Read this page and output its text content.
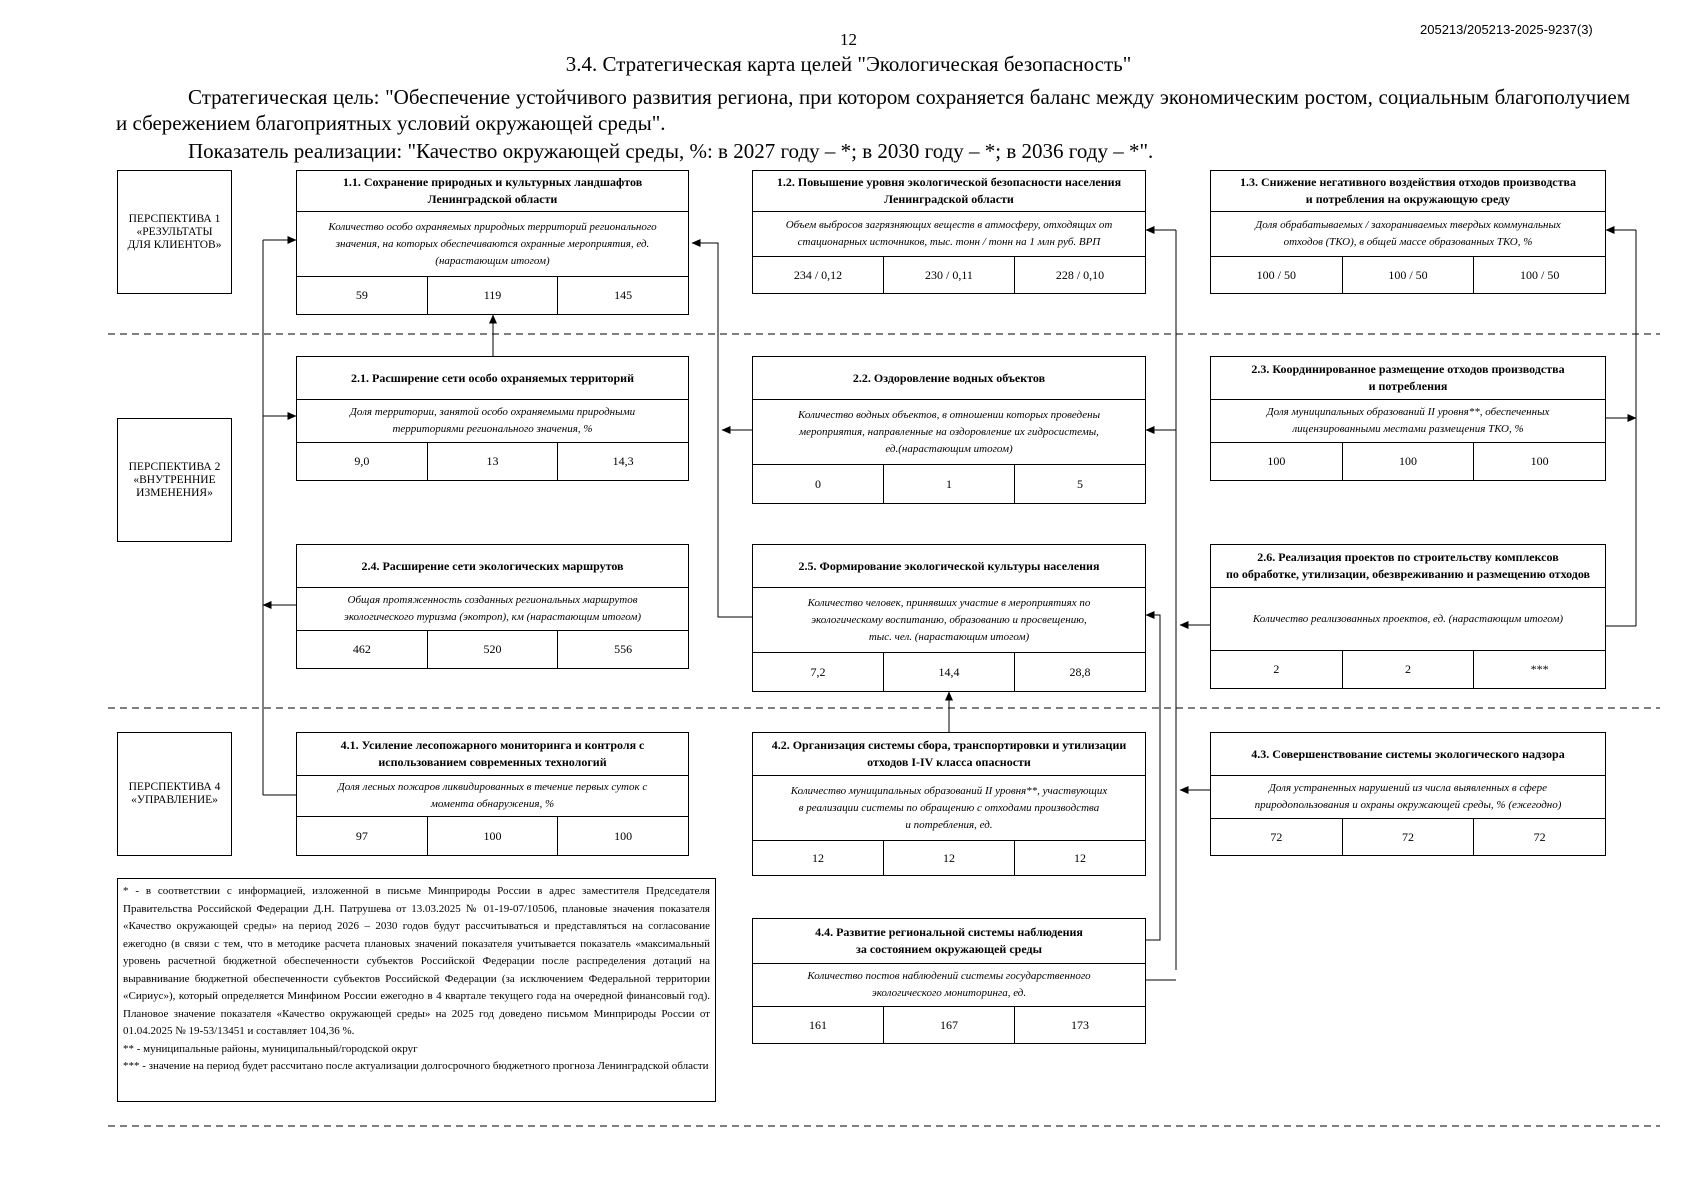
205213/205213-2025-9237(3)
12
3.4. Стратегическая карта целей "Экологическая безопасность"
Стратегическая цель: "Обеспечение устойчивого развития региона, при котором сохраняется баланс между экономическим ростом, социальным благополучием и сбережением благоприятных условий окружающей среды".
Показатель реализации: "Качество окружающей среды, %: в 2027 году – *; в 2030 году – *; в 2036 году – *".
ПЕРСПЕКТИВА 1
«РЕЗУЛЬТАТЫ
ДЛЯ КЛИЕНТОВ»
ПЕРСПЕКТИВА 2
«ВНУТРЕННИЕ
ИЗМЕНЕНИЯ»
ПЕРСПЕКТИВА 4
«УПРАВЛЕНИЕ»
1.1. Сохранение природных и культурных ландшафтов
Ленинградской области
Количество особо охраняемых природных территорий регионального
значения, на которых обеспечиваются охранные мероприятия, ед.
(нарастающим итогом)
59	119	145
1.2. Повышение уровня экологической безопасности населения
Ленинградской области
Объем выбросов загрязняющих веществ в атмосферу, отходящих от
стационарных источников, тыс. тонн / тонн на 1 млн руб. ВРП
234 / 0,12	230 / 0,11	228 / 0,10
1.3. Снижение негативного воздействия отходов производства
и потребления на окружающую среду
Доля обрабатываемых / захораниваемых твердых коммунальных
отходов (ТКО), в общей массе образованных ТКО, %
100 / 50	100 / 50	100 / 50
2.1. Расширение сети особо охраняемых территорий
Доля территории, занятой особо охраняемыми природными
территориями регионального значения, %
9,0	13	14,3
2.2. Оздоровление водных объектов
Количество водных объектов, в отношении которых проведены
мероприятия, направленные на оздоровление их гидросистемы,
ед.(нарастающим итогом)
0	1	5
2.3. Координированное размещение отходов производства
и потребления
Доля муниципальных образований II уровня**, обеспеченных
лицензированными местами размещения ТКО, %
100	100	100
2.4. Расширение сети экологических маршрутов
Общая протяженность созданных региональных маршрутов
экологического туризма (экотроп), км (нарастающим итогом)
462	520	556
2.5. Формирование экологической культуры населения
Количество человек, принявших участие в мероприятиях по
экологическому воспитанию, образованию и просвещению,
тыс. чел. (нарастающим итогом)
7,2	14,4	28,8
2.6. Реализация проектов по строительству комплексов
по обработке, утилизации, обезвреживанию и размещению отходов
Количество реализованных проектов, ед. (нарастающим итогом)
2	2	***
4.1. Усиление лесопожарного мониторинга и контроля с
использованием современных технологий
Доля лесных пожаров ликвидированных в течение первых суток с
момента обнаружения, %
97	100	100
4.2. Организация системы сбора, транспортировки и утилизации
отходов I-IV класса опасности
Количество муниципальных образований II уровня**, участвующих
в реализации системы по обращению с отходами производства
и потребления, ед.
12	12	12
4.3. Совершенствование системы экологического надзора
Доля устраненных нарушений из числа выявленных в сфере
природопользования и охраны окружающей среды, % (ежегодно)
72	72	72
4.4. Развитие региональной системы наблюдения
за состоянием окружающей среды
Количество постов наблюдений системы государственного
экологического мониторинга, ед.
161	167	173

* - в соответствии с информацией, изложенной в письме Минприроды России в адрес заместителя Председателя Правительства Российской Федерации Д.Н. Патрушева от 13.03.2025 № 01-19-07/10506, плановые значения показателя «Качество окружающей среды» на период 2026 – 2030 годов будут рассчитываться и представляться на согласование ежегодно (в связи с тем, что в методике расчета плановых значений показателя учитывается показатель «максимальный уровень расчетной бюджетной обеспеченности субъектов Российской Федерации после распределения дотаций на выравнивание бюджетной обеспеченности субъектов Российской Федерации (за исключением Федеральной территории «Сириус»), который определяется Минфином России ежегодно в 4 квартале текущего года на очередной финансовый год). Плановое значение показателя «Качество окружающей среды» на 2025 год доведено письмом Минприроды России от 01.04.2025 № 19-53/13451 и составляет 104,36 %.

** - муниципальные районы, муниципальный/городской округ

*** - значение на период будет рассчитано после актуализации долгосрочного бюджетного прогноза Ленинградской области
